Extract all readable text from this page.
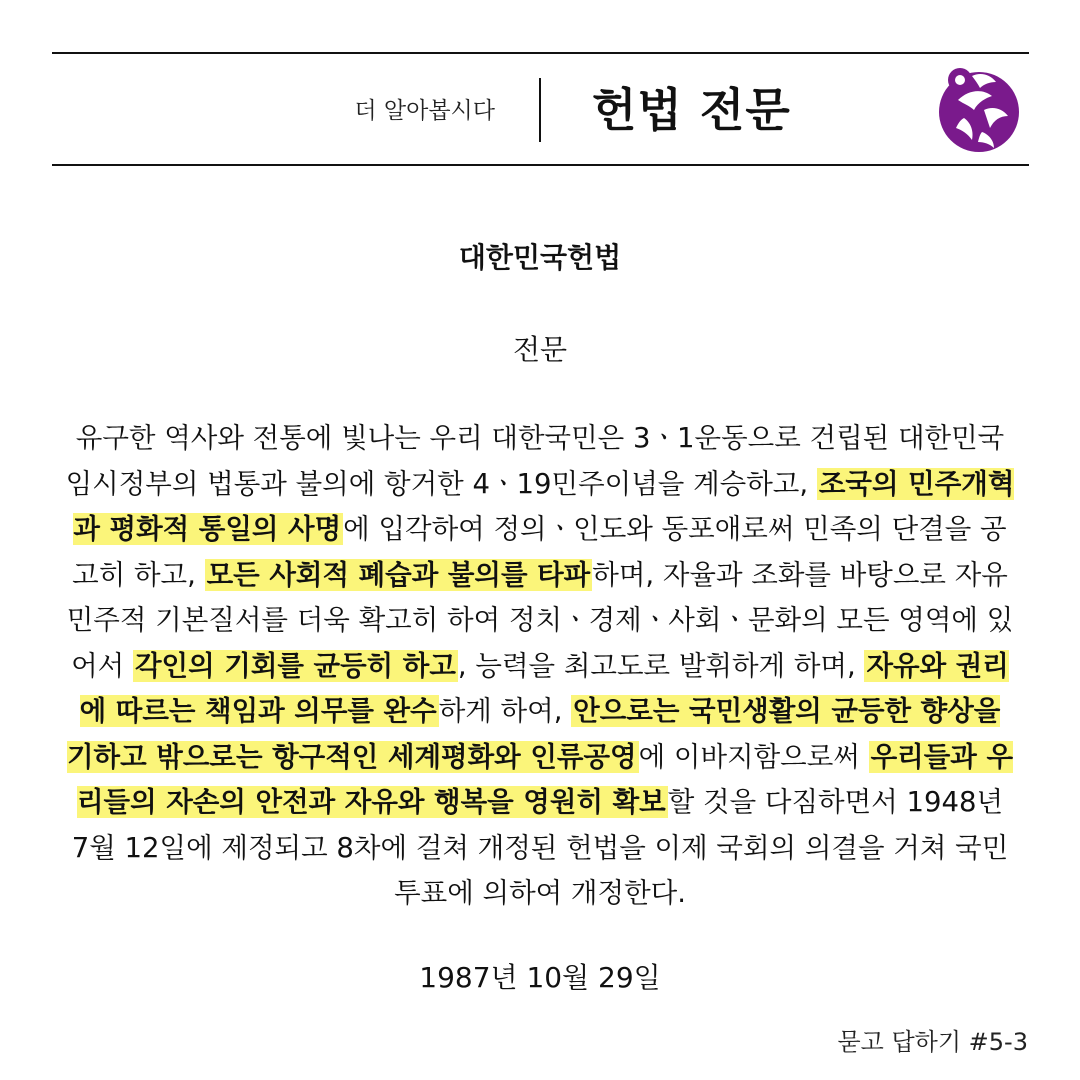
더 알아봅시다 헌법 전문
대한민국헌법
전문
유구한 역사와 전통에 빛나는 우리 대한국민은 3ㆍ1운동으로 건립된 대한민국임시정부의 법통과 불의에 항거한 4ㆍ19민주이념을 계승하고, 조국의 민주개혁과 평화적 통일의 사명에 입각하여 정의ㆍ인도와 동포애로써 민족의 단결을 공고히 하고, 모든 사회적 폐습과 불의를 타파하며, 자율과 조화를 바탕으로 자유민주적 기본질서를 더욱 확고히 하여 정치ㆍ경제ㆍ사회ㆍ문화의 모든 영역에 있어서 각인의 기회를 균등히 하고, 능력을 최고도로 발휘하게 하며, 자유와 권리에 따르는 책임과 의무를 완수하게 하여, 안으로는 국민생활의 균등한 향상을 기하고 밖으로는 항구적인 세계평화와 인류공영에 이바지함으로써 우리들과 우리들의 자손의 안전과 자유와 행복을 영원히 확보할 것을 다짐하면서 1948년 7월 12일에 제정되고 8차에 걸쳐 개정된 헌법을 이제 국회의 의결을 거쳐 국민투표에 의하여 개정한다.
1987년 10월 29일
묻고 답하기 #5-3
